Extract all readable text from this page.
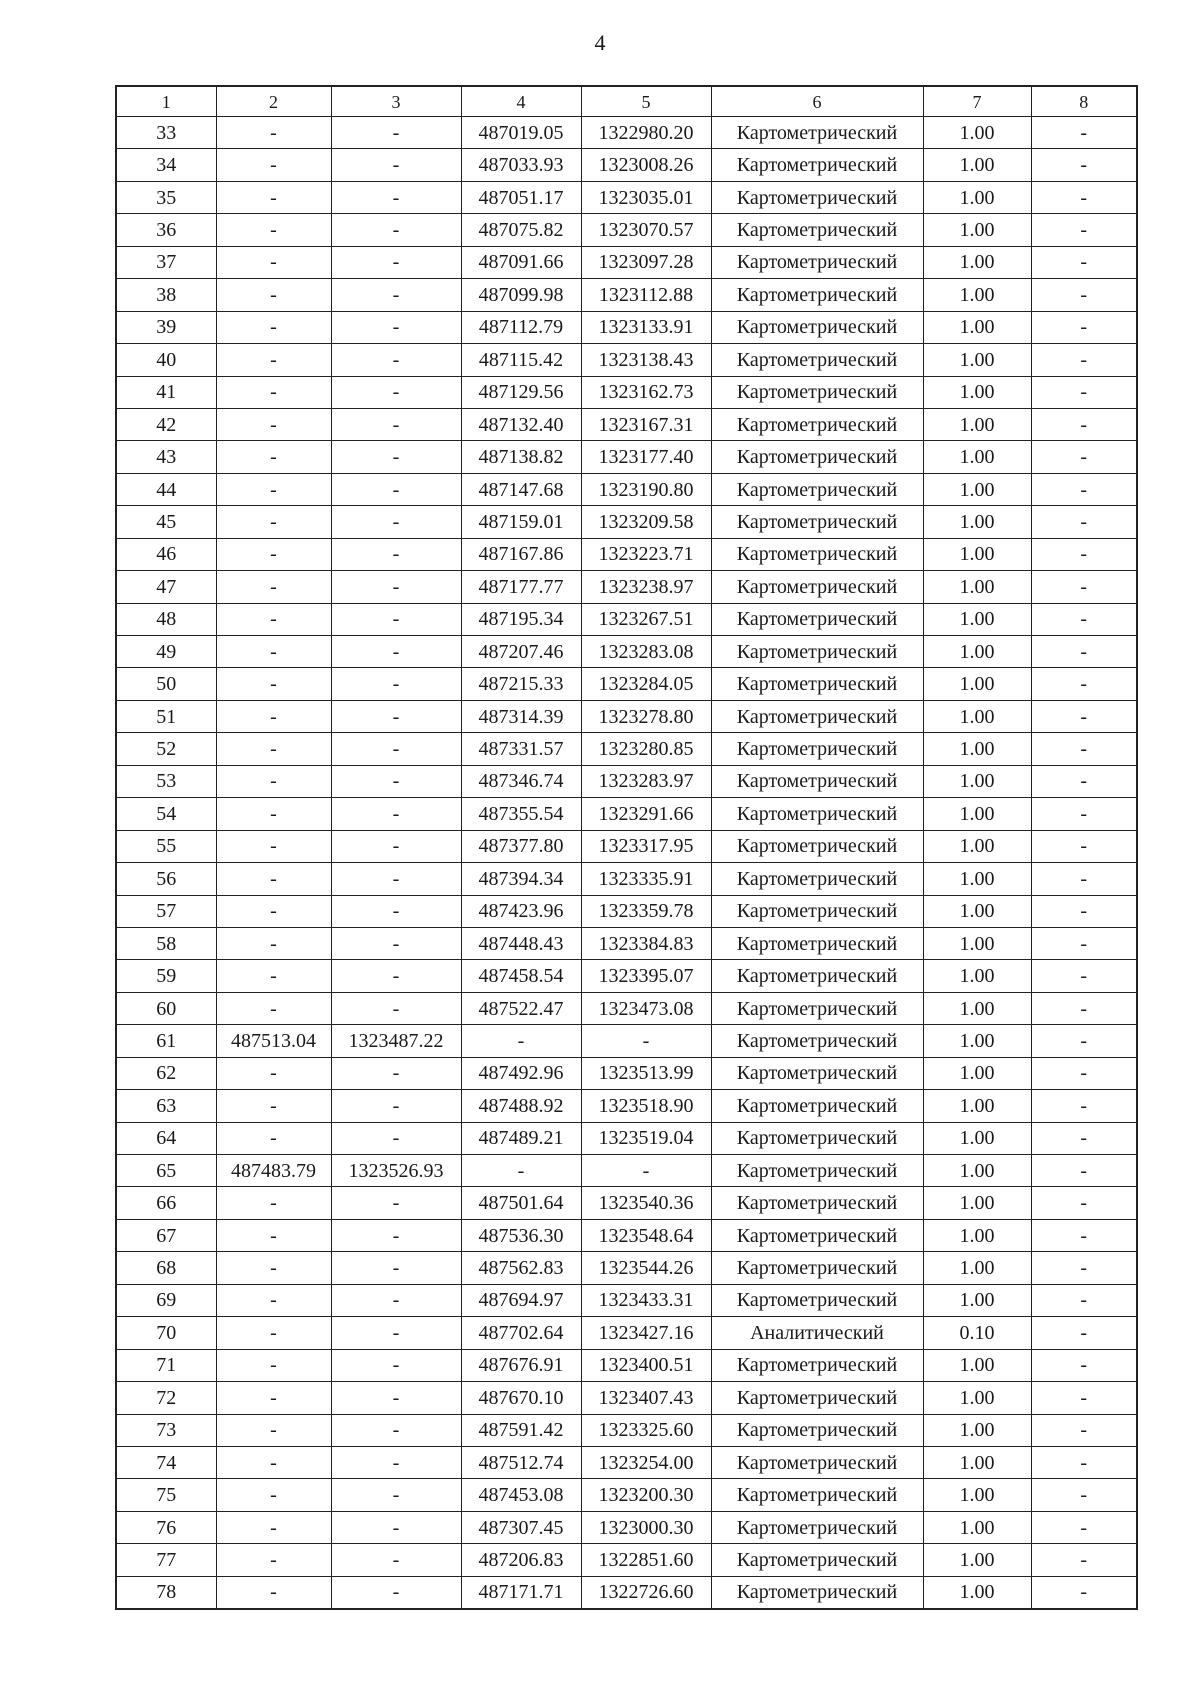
4
1	2	3	4	5	6	7	8
33	-	-	487019.05	1322980.20	Картометрический	1.00	-
34	-	-	487033.93	1323008.26	Картометрический	1.00	-
35	-	-	487051.17	1323035.01	Картометрический	1.00	-
36	-	-	487075.82	1323070.57	Картометрический	1.00	-
37	-	-	487091.66	1323097.28	Картометрический	1.00	-
38	-	-	487099.98	1323112.88	Картометрический	1.00	-
39	-	-	487112.79	1323133.91	Картометрический	1.00	-
40	-	-	487115.42	1323138.43	Картометрический	1.00	-
41	-	-	487129.56	1323162.73	Картометрический	1.00	-
42	-	-	487132.40	1323167.31	Картометрический	1.00	-
43	-	-	487138.82	1323177.40	Картометрический	1.00	-
44	-	-	487147.68	1323190.80	Картометрический	1.00	-
45	-	-	487159.01	1323209.58	Картометрический	1.00	-
46	-	-	487167.86	1323223.71	Картометрический	1.00	-
47	-	-	487177.77	1323238.97	Картометрический	1.00	-
48	-	-	487195.34	1323267.51	Картометрический	1.00	-
49	-	-	487207.46	1323283.08	Картометрический	1.00	-
50	-	-	487215.33	1323284.05	Картометрический	1.00	-
51	-	-	487314.39	1323278.80	Картометрический	1.00	-
52	-	-	487331.57	1323280.85	Картометрический	1.00	-
53	-	-	487346.74	1323283.97	Картометрический	1.00	-
54	-	-	487355.54	1323291.66	Картометрический	1.00	-
55	-	-	487377.80	1323317.95	Картометрический	1.00	-
56	-	-	487394.34	1323335.91	Картометрический	1.00	-
57	-	-	487423.96	1323359.78	Картометрический	1.00	-
58	-	-	487448.43	1323384.83	Картометрический	1.00	-
59	-	-	487458.54	1323395.07	Картометрический	1.00	-
60	-	-	487522.47	1323473.08	Картометрический	1.00	-
61	487513.04	1323487.22	-	-	Картометрический	1.00	-
62	-	-	487492.96	1323513.99	Картометрический	1.00	-
63	-	-	487488.92	1323518.90	Картометрический	1.00	-
64	-	-	487489.21	1323519.04	Картометрический	1.00	-
65	487483.79	1323526.93	-	-	Картометрический	1.00	-
66	-	-	487501.64	1323540.36	Картометрический	1.00	-
67	-	-	487536.30	1323548.64	Картометрический	1.00	-
68	-	-	487562.83	1323544.26	Картометрический	1.00	-
69	-	-	487694.97	1323433.31	Картометрический	1.00	-
70	-	-	487702.64	1323427.16	Аналитический	0.10	-
71	-	-	487676.91	1323400.51	Картометрический	1.00	-
72	-	-	487670.10	1323407.43	Картометрический	1.00	-
73	-	-	487591.42	1323325.60	Картометрический	1.00	-
74	-	-	487512.74	1323254.00	Картометрический	1.00	-
75	-	-	487453.08	1323200.30	Картометрический	1.00	-
76	-	-	487307.45	1323000.30	Картометрический	1.00	-
77	-	-	487206.83	1322851.60	Картометрический	1.00	-
78	-	-	487171.71	1322726.60	Картометрический	1.00	-
